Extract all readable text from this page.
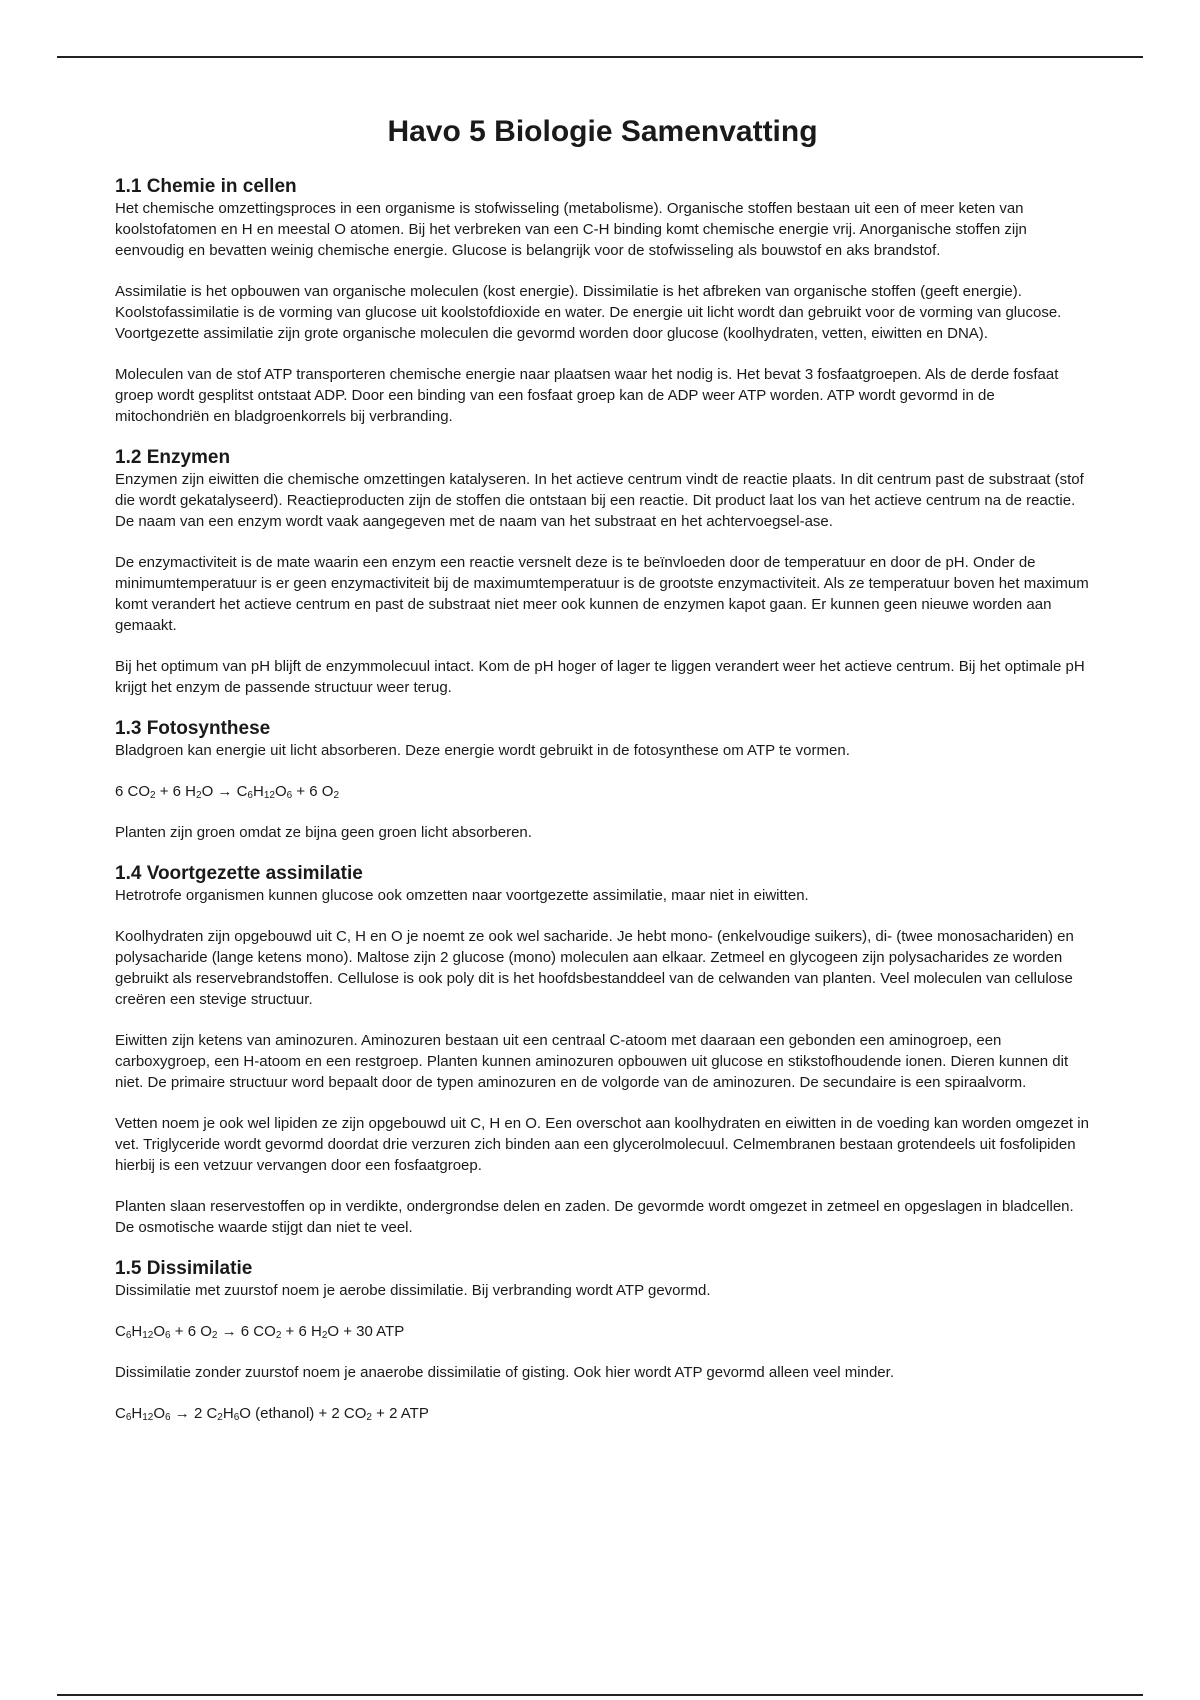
Havo 5 Biologie Samenvatting
1.1 Chemie in cellen

Het chemische omzettingsproces in een organisme is stofwisseling (metabolisme). Organische stoffen bestaan uit een of meer keten van koolstofatomen en H en meestal O atomen. Bij het verbreken van een C-H binding komt chemische energie vrij. Anorganische stoffen zijn eenvoudig en bevatten weinig chemische energie. Glucose is belangrijk voor de stofwisseling als bouwstof en aks brandstof.

Assimilatie is het opbouwen van organische moleculen (kost energie). Dissimilatie is het afbreken van organische stoffen (geeft energie). Koolstofassimilatie is de vorming van glucose uit koolstofdioxide en water. De energie uit licht wordt dan gebruikt voor de vorming van glucose. Voortgezette assimilatie zijn grote organische moleculen die gevormd worden door glucose (koolhydraten, vetten, eiwitten en DNA).

Moleculen van de stof ATP transporteren chemische energie naar plaatsen waar het nodig is. Het bevat 3 fosfaatgroepen. Als de derde fosfaat groep wordt gesplitst ontstaat ADP. Door een binding van een fosfaat groep kan de ADP weer ATP worden. ATP wordt gevormd in de mitochondriën en bladgroenkorrels bij verbranding.

1.2 Enzymen

Enzymen zijn eiwitten die chemische omzettingen katalyseren. In het actieve centrum vindt de reactie plaats. In dit centrum past de substraat (stof die wordt gekatalyseerd). Reactieproducten zijn de stoffen die ontstaan bij een reactie. Dit product laat los van het actieve centrum na de reactie. De naam van een enzym wordt vaak aangegeven met de naam van het substraat en het achtervoegsel-ase.

De enzymactiviteit is de mate waarin een enzym een reactie versnelt deze is te beïnvloeden door de temperatuur en door de pH. Onder de minimumtemperatuur is er geen enzymactiviteit bij de maximumtemperatuur is de grootste enzymactiviteit. Als ze temperatuur boven het maximum komt verandert het actieve centrum en past de substraat niet meer ook kunnen de enzymen kapot gaan. Er kunnen geen nieuwe worden aan gemaakt.

Bij het optimum van pH blijft de enzymmolecuul intact. Kom de pH hoger of lager te liggen verandert weer het actieve centrum. Bij het optimale pH krijgt het enzym de passende structuur weer terug.

1.3 Fotosynthese

Bladgroen kan energie uit licht absorberen. Deze energie wordt gebruikt in de fotosynthese om ATP te vormen.

6 $CO_2 + 6$ $H_2O \to C_6H_{12}O_6 + 6$ $O_2$

Planten zijn groen omdat ze bijna geen groen licht absorberen.

1.4 Voortgezette assimilatie

Hetrotrofe organismen kunnen glucose ook omzetten naar voortgezette assimilatie, maar niet in eiwitten.

Koolhydraten zijn opgebouwd uit C, H en O je noemt ze ook wel sacharide. Je hebt mono- (enkelvoudige suikers), di- (twee monosachariden) en polysacharide (lange ketens mono). Maltose zijn 2 glucose (mono) moleculen aan elkaar. Zetmeel en glycogeen zijn polysacharides ze worden gebruikt als reservebrandstoffen. Cellulose is ook poly dit is het hoofdsbestanddeel van de celwanden van planten. Veel moleculen van cellulose creëren een stevige structuur.

Eiwitten zijn ketens van aminozuren. Aminozuren bestaan uit een centraal C-atoom met daaraan een gebonden een aminogroep, een carboxygroep, een H-atoom en een restgroep. Planten kunnen aminozuren opbouwen uit glucose en stikstofhoudende ionen. Dieren kunnen dit niet. De primaire structuur word bepaalt door de typen aminozuren en de volgorde van de aminozuren. De secundaire is een spiraalvorm.

Vetten noem je ook wel lipiden ze zijn opgebouwd uit C, H en O. Een overschot aan koolhydraten en eiwitten in de voeding kan worden omgezet in vet. Triglyceride wordt gevormd doordat drie verzuren zich binden aan een glycerolmolecuul. Celmembranen bestaan grotendeels uit fosfolipiden hierbij is een vetzuur vervangen door een fosfaatgroep.

Planten slaan reservestoffen op in verdikte, ondergrondse delen en zaden. De gevormde wordt omgezet in zetmeel en opgeslagen in bladcellen. De osmotische waarde stijgt dan niet te veel.

1.5 Dissimilatie

Dissimilatie met zuurstof noem je aerobe dissimilatie. Bij verbranding wordt ATP gevormd.

$C_6H_{12}O_6 + 6$ $O_2 \to 6$ $CO_2 + 6$ $H_2O + 30$ ATP

Dissimilatie zonder zuurstof noem je anaerobe dissimilatie of gisting. Ook hier wordt ATP gevormd alleen veel minder.

$C_6H_{12}O_6 \to 2$ $C_2H_6O$ (ethanol) + 2 $CO_2 + 2$ ATP
